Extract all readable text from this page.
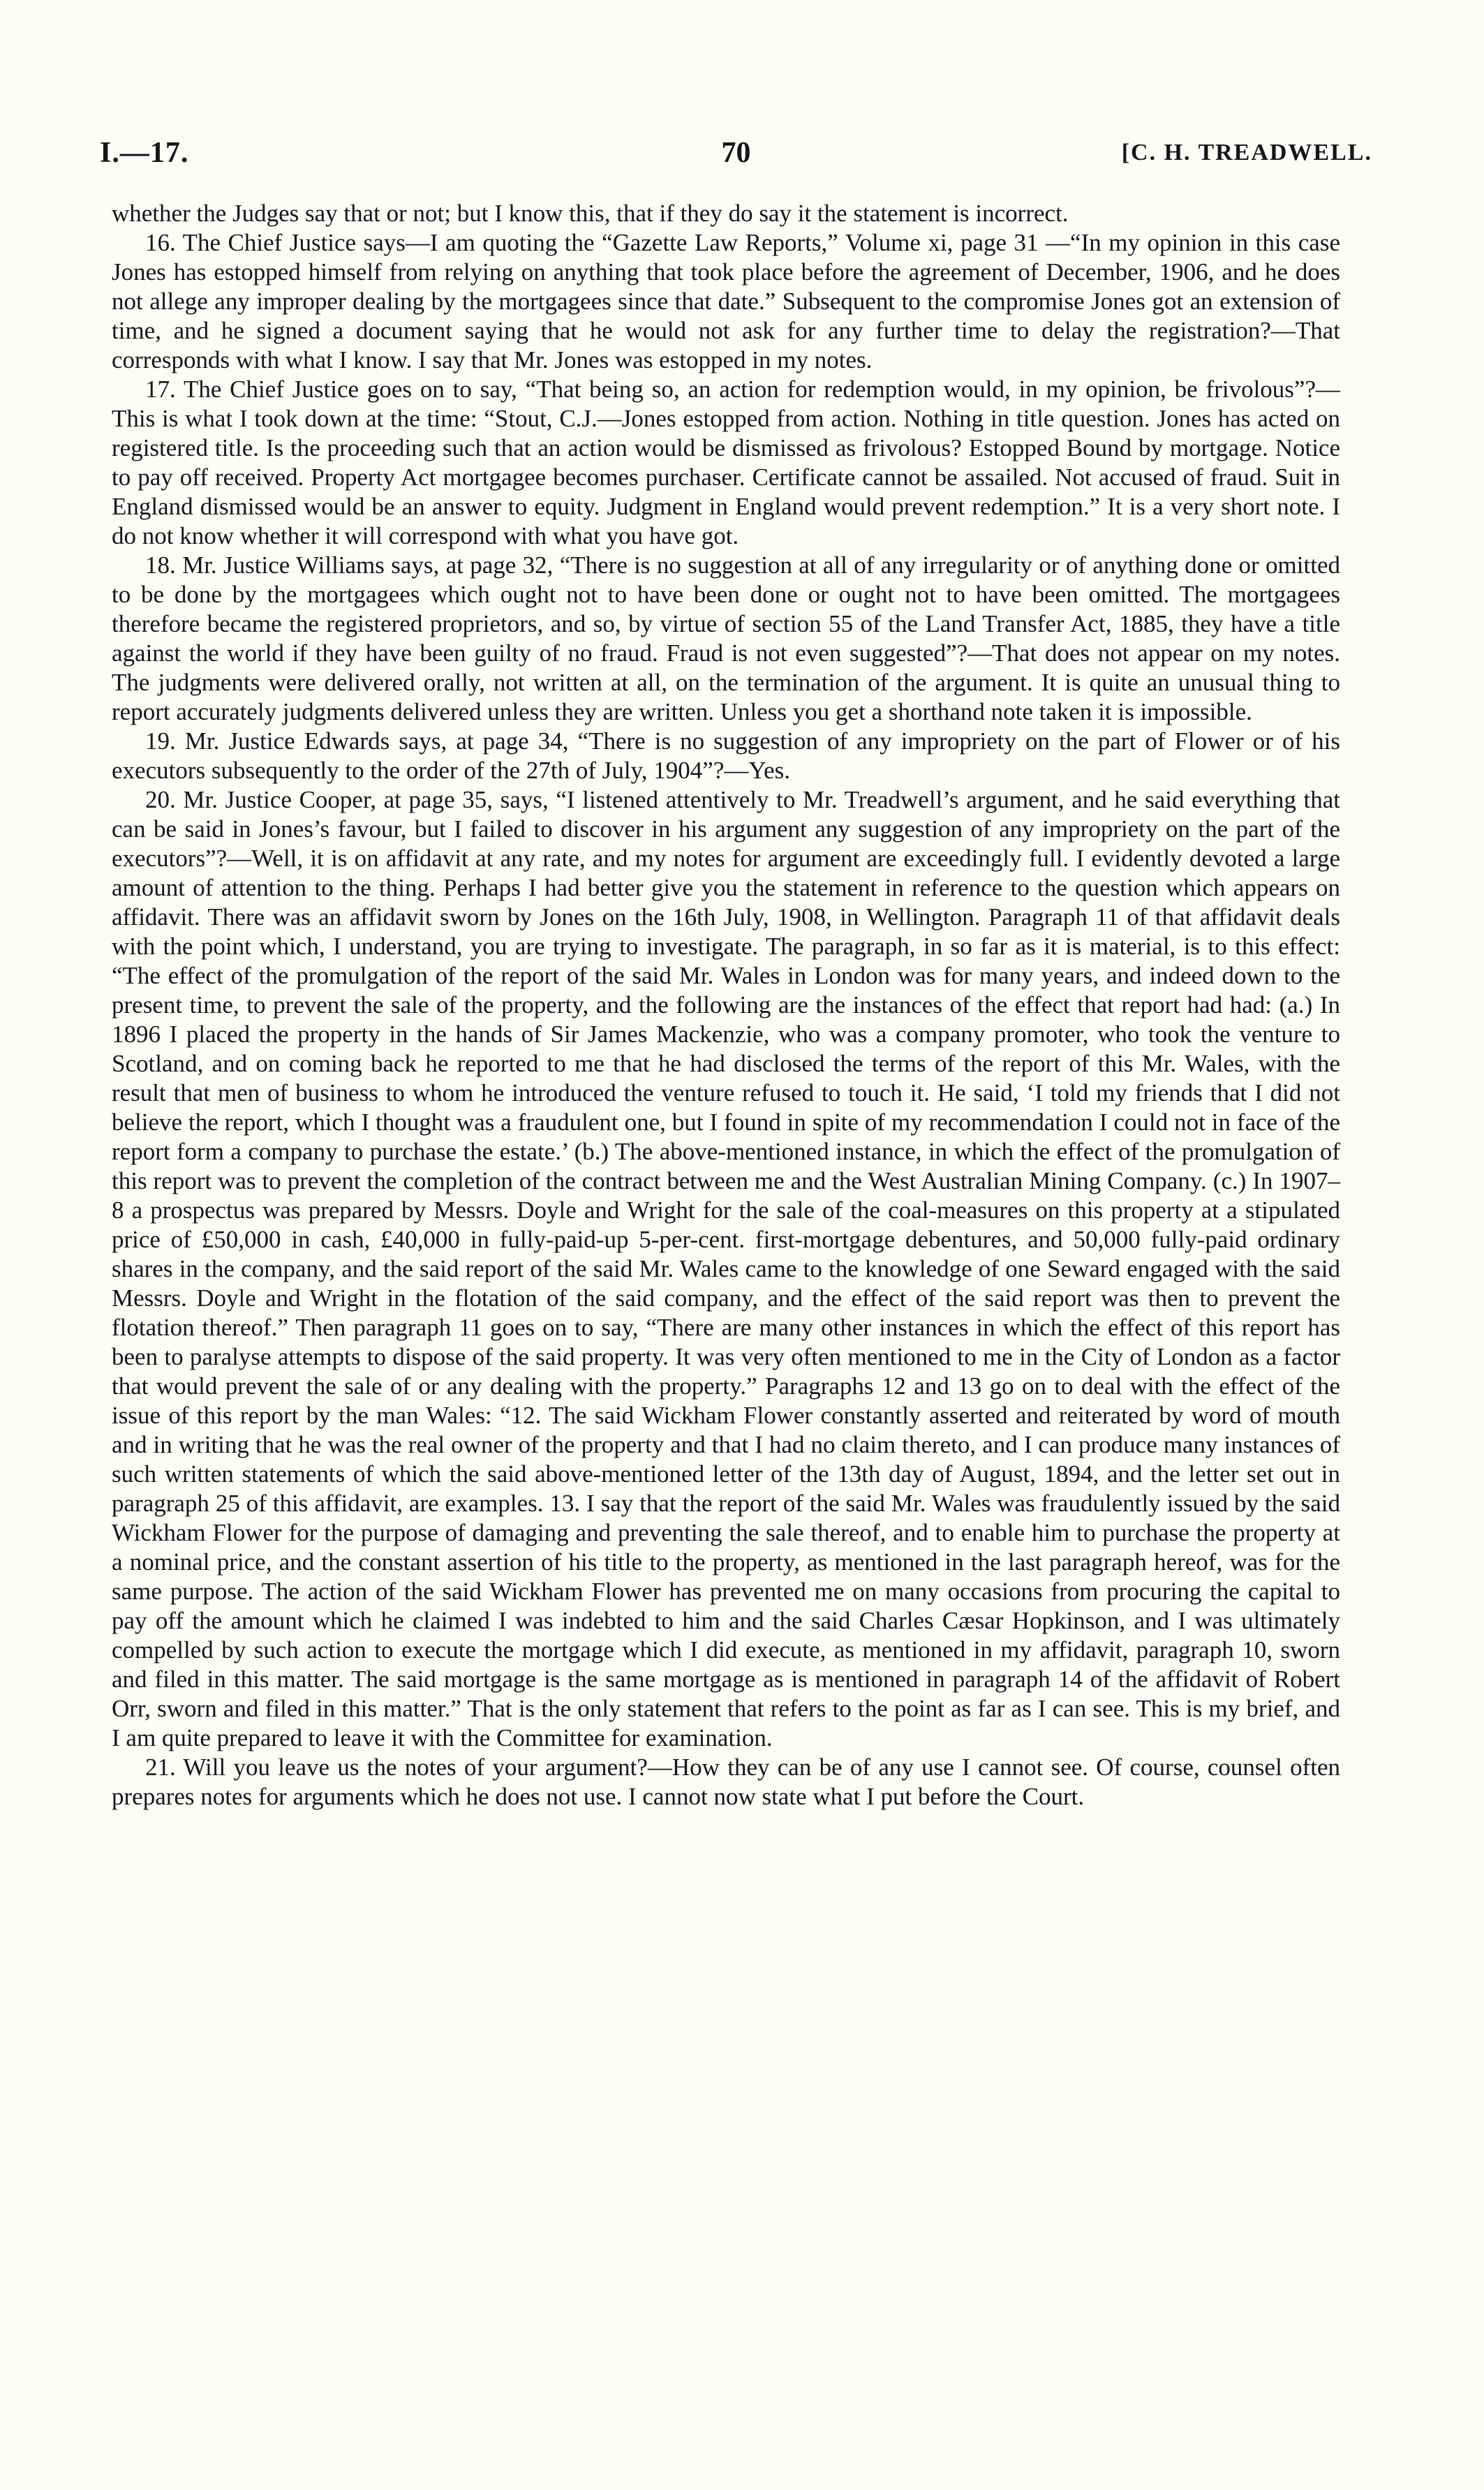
I.—17.	70	[C. H. TREADWELL.

whether the Judges say that or not; but I know this, that if they do say it the statement is incorrect.

16. The Chief Justice says—I am quoting the “Gazette Law Reports,” Volume xi, page 31 —“In my opinion in this case Jones has estopped himself from relying on anything that took place before the agreement of December, 1906, and he does not allege any improper dealing by the mortgagees since that date.” Subsequent to the compromise Jones got an extension of time, and he signed a document saying that he would not ask for any further time to delay the registration?—That corresponds with what I know. I say that Mr. Jones was estopped in my notes.

17. The Chief Justice goes on to say, “That being so, an action for redemption would, in my opinion, be frivolous”?—This is what I took down at the time: “Stout, C.J.—Jones estopped from action. Nothing in title question. Jones has acted on registered title. Is the proceeding such that an action would be dismissed as frivolous? Estopped Bound by mortgage. Notice to pay off received. Property Act mortgagee becomes purchaser. Certificate cannot be assailed. Not accused of fraud. Suit in England dismissed would be an answer to equity. Judgment in England would prevent redemption.” It is a very short note. I do not know whether it will correspond with what you have got.

18. Mr. Justice Williams says, at page 32, “There is no suggestion at all of any irregularity or of anything done or omitted to be done by the mortgagees which ought not to have been done or ought not to have been omitted. The mortgagees therefore became the registered proprietors, and so, by virtue of section 55 of the Land Transfer Act, 1885, they have a title against the world if they have been guilty of no fraud. Fraud is not even suggested”?—That does not appear on my notes. The judgments were delivered orally, not written at all, on the termination of the argument. It is quite an unusual thing to report accurately judgments delivered unless they are written. Unless you get a shorthand note taken it is impossible.

19. Mr. Justice Edwards says, at page 34, “There is no suggestion of any impropriety on the part of Flower or of his executors subsequently to the order of the 27th of July, 1904”?—Yes.

20. Mr. Justice Cooper, at page 35, says, “I listened attentively to Mr. Treadwell’s argument, and he said everything that can be said in Jones’s favour, but I failed to discover in his argument any suggestion of any impropriety on the part of the executors”?—Well, it is on affidavit at any rate, and my notes for argument are exceedingly full. I evidently devoted a large amount of attention to the thing. Perhaps I had better give you the statement in reference to the question which appears on affidavit. There was an affidavit sworn by Jones on the 16th July, 1908, in Wellington. Paragraph 11 of that affidavit deals with the point which, I understand, you are trying to investigate. The paragraph, in so far as it is material, is to this effect: “The effect of the promulgation of the report of the said Mr. Wales in London was for many years, and indeed down to the present time, to prevent the sale of the property, and the following are the instances of the effect that report had had: (a.) In 1896 I placed the property in the hands of Sir James Mackenzie, who was a company promoter, who took the venture to Scotland, and on coming back he reported to me that he had disclosed the terms of the report of this Mr. Wales, with the result that men of business to whom he introduced the venture refused to touch it. He said, ‘I told my friends that I did not believe the report, which I thought was a fraudulent one, but I found in spite of my recommendation I could not in face of the report form a company to purchase the estate.’ (b.) The above-mentioned instance, in which the effect of the promulgation of this report was to prevent the completion of the contract between me and the West Australian Mining Company. (c.) In 1907–8 a prospectus was prepared by Messrs. Doyle and Wright for the sale of the coal-measures on this property at a stipulated price of £50,000 in cash, £40,000 in fully-paid-up 5-per-cent. first-mortgage debentures, and 50,000 fully-paid ordinary shares in the company, and the said report of the said Mr. Wales came to the knowledge of one Seward engaged with the said Messrs. Doyle and Wright in the flotation of the said company, and the effect of the said report was then to prevent the flotation thereof.” Then paragraph 11 goes on to say, “There are many other instances in which the effect of this report has been to paralyse attempts to dispose of the said property. It was very often mentioned to me in the City of London as a factor that would prevent the sale of or any dealing with the property.” Paragraphs 12 and 13 go on to deal with the effect of the issue of this report by the man Wales: “12. The said Wickham Flower constantly asserted and reiterated by word of mouth and in writing that he was the real owner of the property and that I had no claim thereto, and I can produce many instances of such written statements of which the said above-mentioned letter of the 13th day of August, 1894, and the letter set out in paragraph 25 of this affidavit, are examples. 13. I say that the report of the said Mr. Wales was fraudulently issued by the said Wickham Flower for the purpose of damaging and preventing the sale thereof, and to enable him to purchase the property at a nominal price, and the constant assertion of his title to the property, as mentioned in the last paragraph hereof, was for the same purpose. The action of the said Wickham Flower has prevented me on many occasions from procuring the capital to pay off the amount which he claimed I was indebted to him and the said Charles Cæsar Hopkinson, and I was ultimately compelled by such action to execute the mortgage which I did execute, as mentioned in my affidavit, paragraph 10, sworn and filed in this matter. The said mortgage is the same mortgage as is mentioned in paragraph 14 of the affidavit of Robert Orr, sworn and filed in this matter.” That is the only statement that refers to the point as far as I can see. This is my brief, and I am quite prepared to leave it with the Committee for examination.

21. Will you leave us the notes of your argument?—How they can be of any use I cannot see. Of course, counsel often prepares notes for arguments which he does not use. I cannot now state what I put before the Court.
